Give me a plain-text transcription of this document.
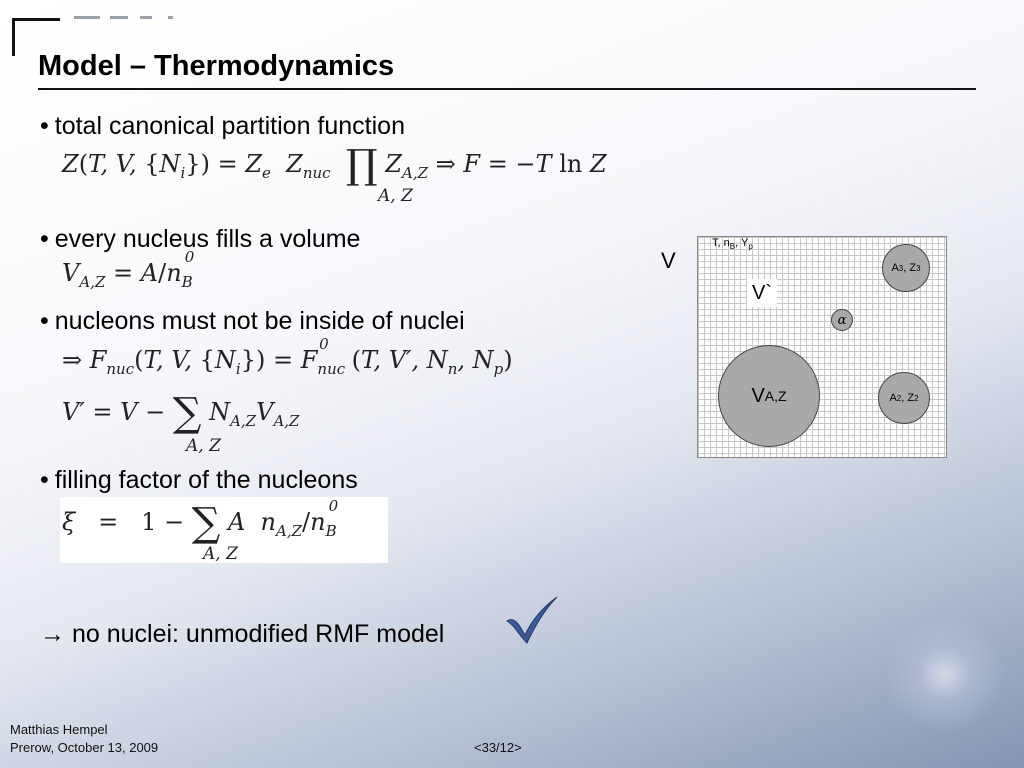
Model – Thermodynamics
• total canonical partition function
Z(T, V, $\{N_i\}) = Z_e$  $Z_{nuc}$ ∏ $Z_{A,Z}$ ⇒ F = −T ln Z
A, Z
• every nucleus fills a volume
$V_{A,Z} = A/n_B^0$
• nucleons must not be inside of nuclei
⇒ $F_{nuc}(T$, V, $\{N_i\}) = F_{nuc}^0$   (T, V′, $N_n$, $N_p$)
V′ = V − ∑ $N_{A,Z}V_{A,Z}$
A, Z
• filling factor of the nucleons
ξ   = 1 − ∑ A  $n_{A,Z}/n_B^0$
A, Z
→ no nuclei: unmodified RMF model
V
T, $n_B$, $Y_p$
V`
A 3 , Z 3
α
V A,Z	A 2 , Z 2
Matthias Hempel
Prerow, October 13, 2009	<33/12>
